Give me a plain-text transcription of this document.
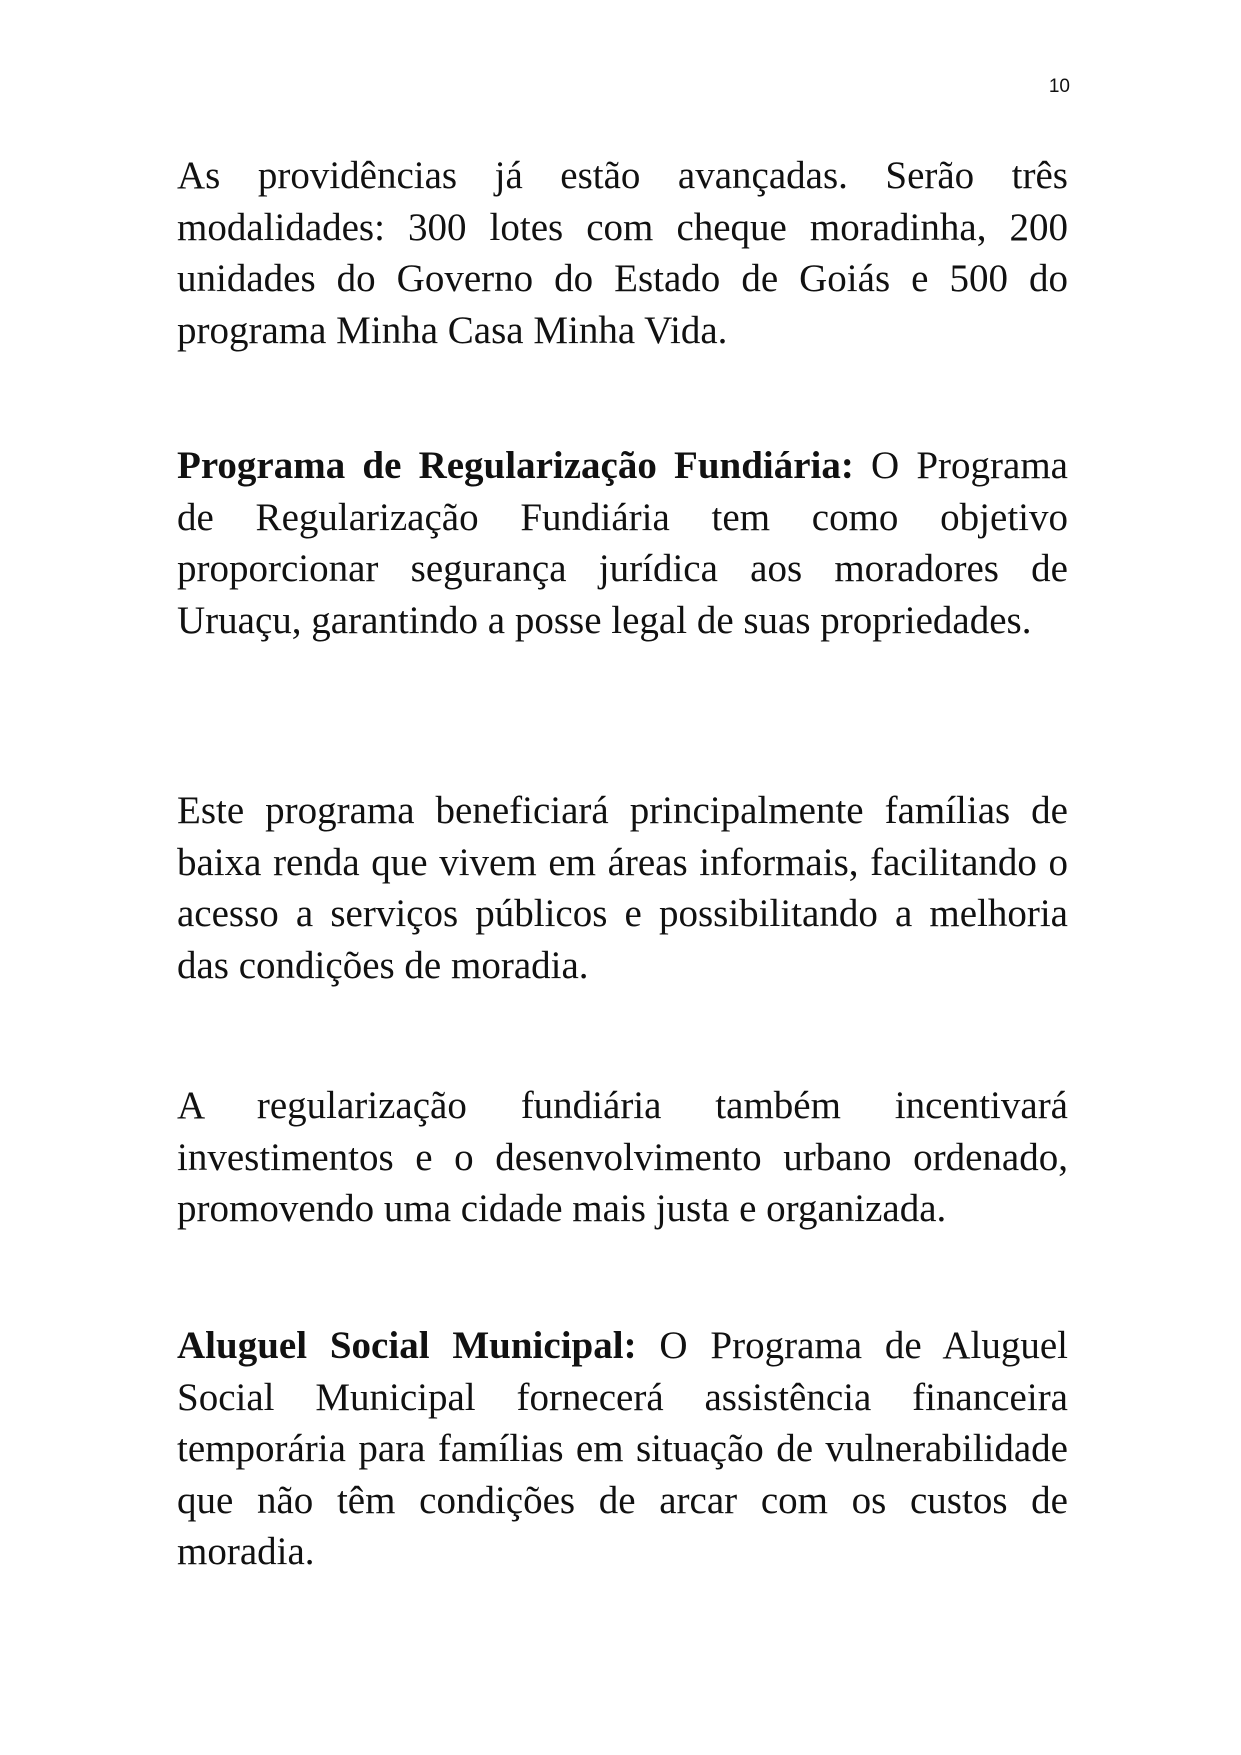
10

As providências já estão avançadas. Serão três modalidades: 300 lotes com cheque moradinha, 200 unidades do Governo do Estado de Goiás e 500 do programa Minha Casa Minha Vida.

Programa de Regularização Fundiária: O Programa de Regularização Fundiária tem como objetivo proporcionar segurança jurídica aos moradores de Uruaçu, garantindo a posse legal de suas propriedades.

Este programa beneficiará principalmente famílias de baixa renda que vivem em áreas informais, facilitando o acesso a serviços públicos e possibilitando a melhoria das condições de moradia.

A regularização fundiária também incentivará investimentos e o desenvolvimento urbano ordenado, promovendo uma cidade mais justa e organizada.

Aluguel Social Municipal: O Programa de Aluguel Social Municipal fornecerá assistência financeira temporária para famílias em situação de vulnerabilidade que não têm condições de arcar com os custos de moradia.
